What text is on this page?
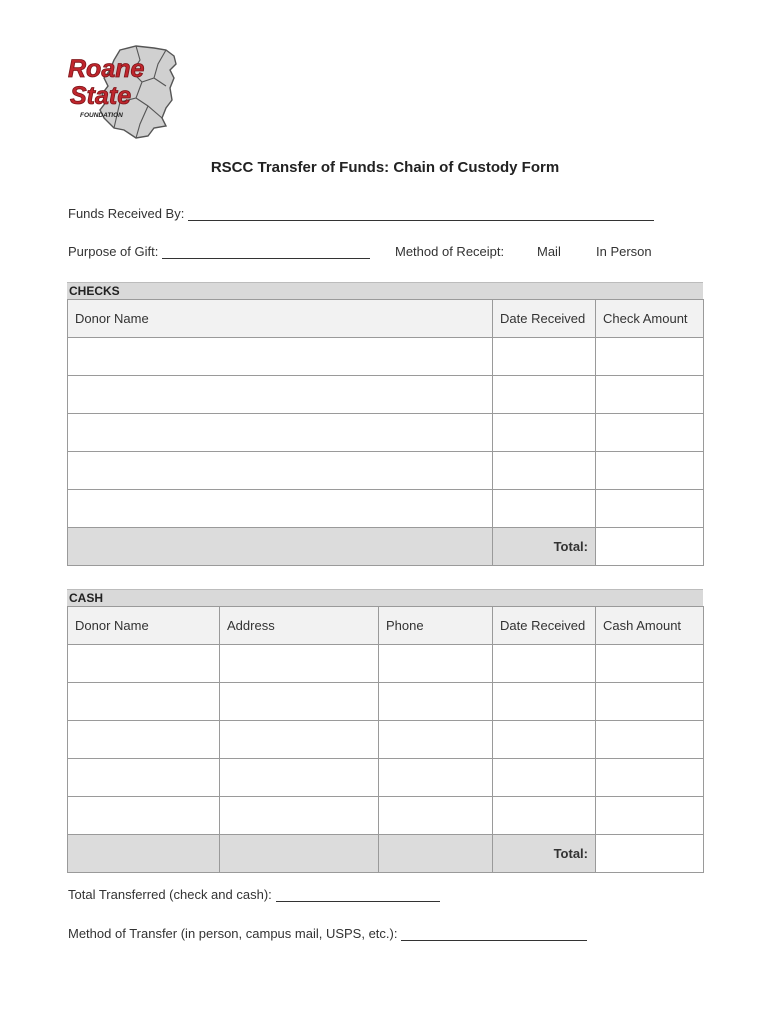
Roane
State
FOUNDATION
RSCC Transfer of Funds: Chain of Custody Form
Funds Received By:
Purpose of Gift:	Method of Receipt:	Mail	In Person
CHECKS
Donor Name	Date Received	Check Amount

	Total:	
CASH
Donor Name	Address	Phone	Date Received	Cash Amount

			Total:	
Total Transferred (check and cash):
Method of Transfer (in person, campus mail, USPS, etc.):
